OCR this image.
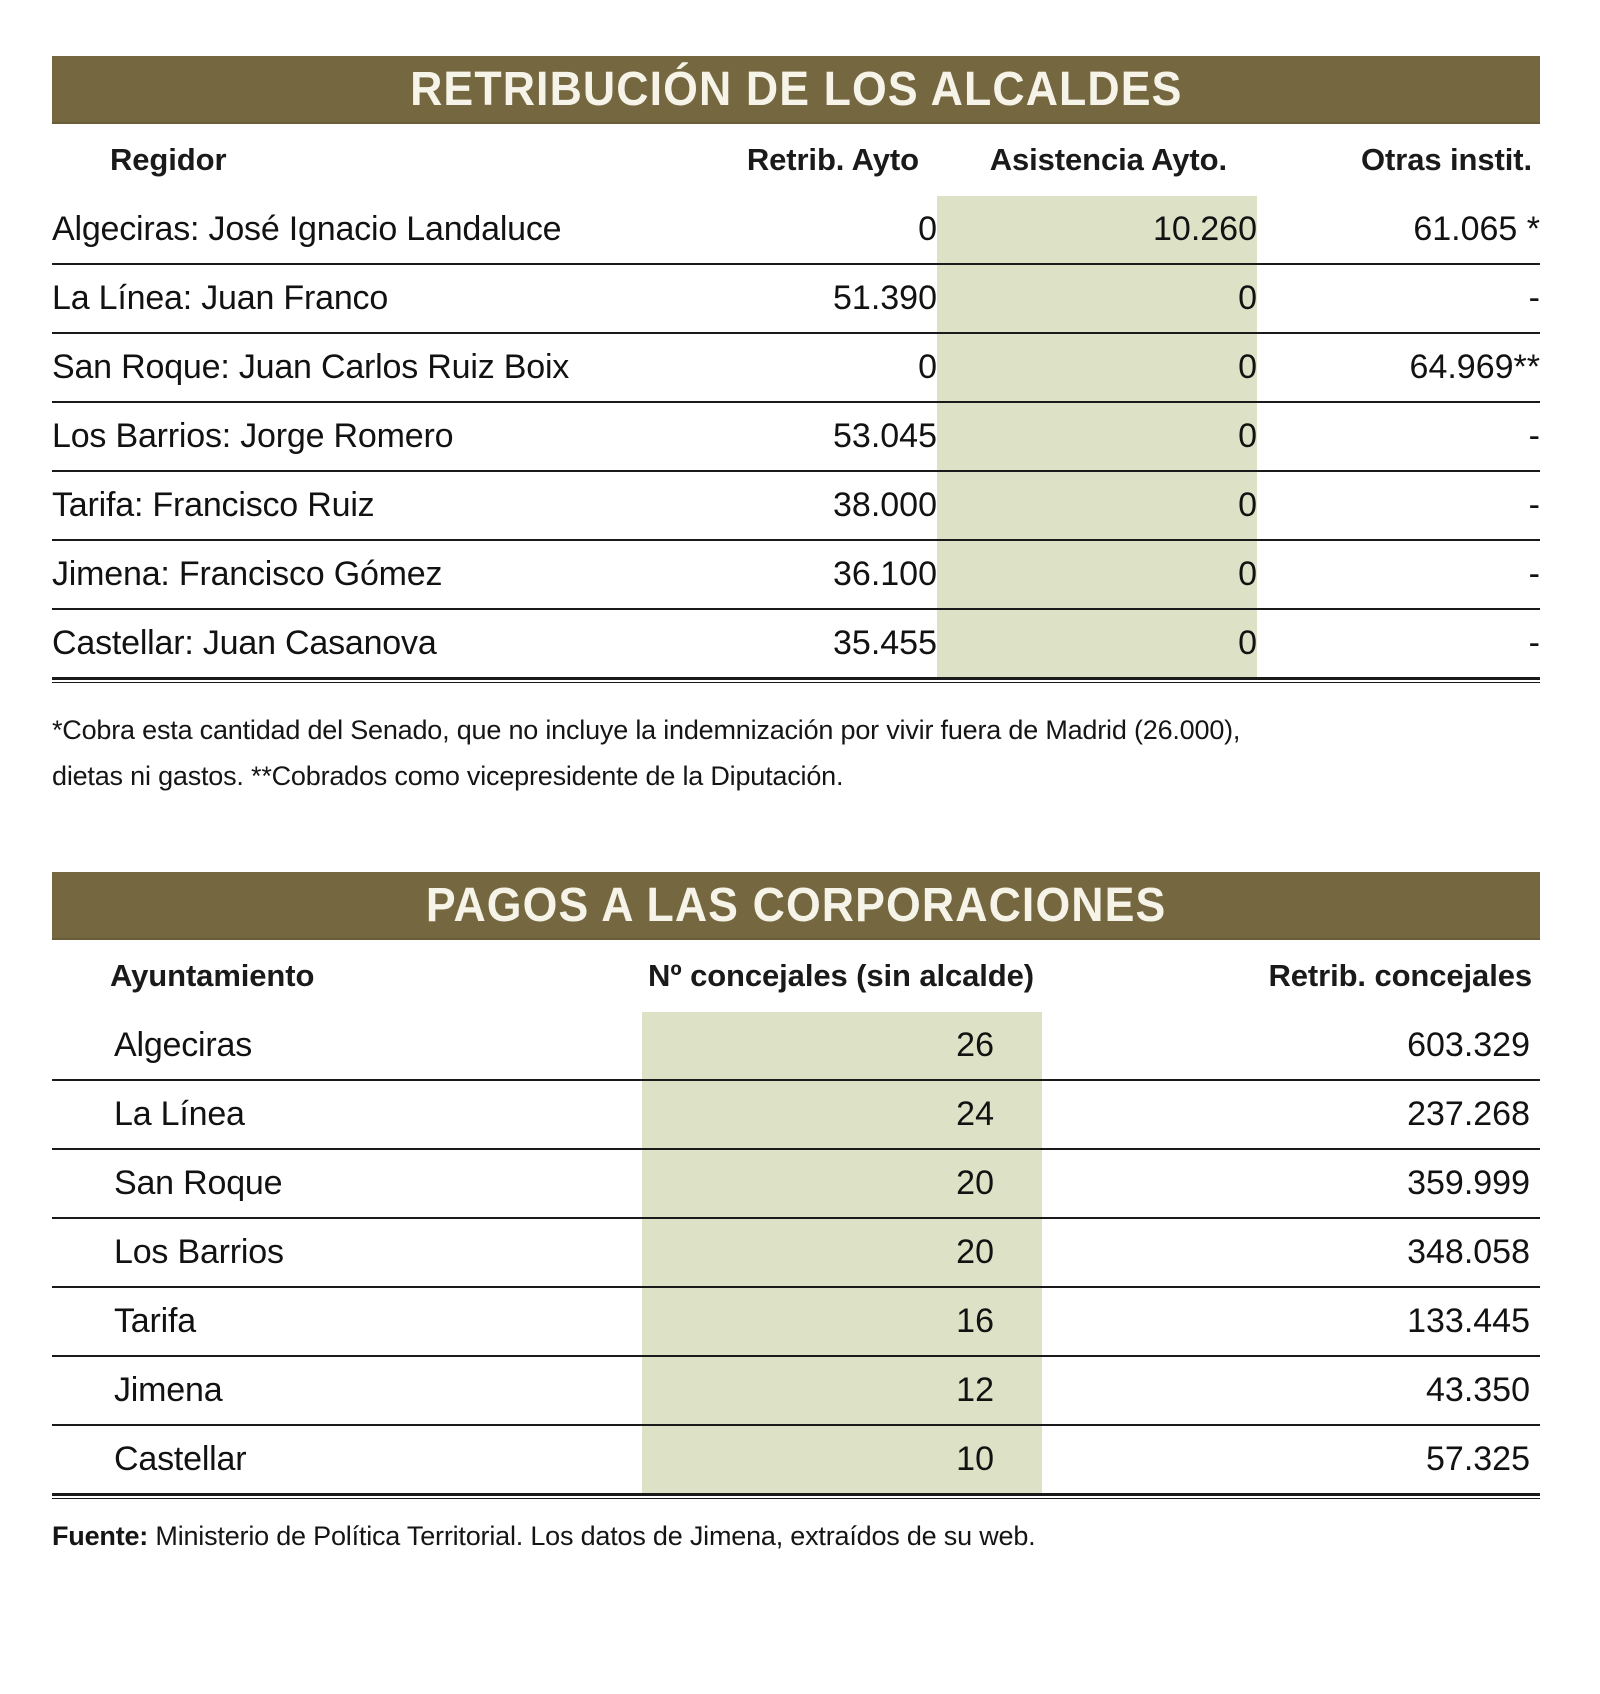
RETRIBUCIÓN DE LOS ALCALDES
Regidor	Retrib. Ayto	Asistencia Ayto.	Otras instit.
Algeciras: José Ignacio Landaluce	0	10.260	61.065 *
La Línea: Juan Franco	51.390	0	-
San Roque: Juan Carlos Ruiz Boix	0	0	64.969**
Los Barrios: Jorge Romero	53.045	0	-
Tarifa: Francisco Ruiz	38.000	0	-
Jimena: Francisco Gómez	36.100	0	-
Castellar: Juan Casanova	35.455	0	-
*Cobra esta cantidad del Senado, que no incluye la indemnización por vivir fuera de Madrid (26.000),
dietas ni gastos. **Cobrados como vicepresidente de la Diputación.
PAGOS A LAS CORPORACIONES
Ayuntamiento	Nº concejales (sin alcalde)	Retrib. concejales
Algeciras	26	603.329
La Línea	24	237.268
San Roque	20	359.999
Los Barrios	20	348.058
Tarifa	16	133.445
Jimena	12	43.350
Castellar	10	57.325
Fuente: Ministerio de Política Territorial. Los datos de Jimena, extraídos de su web.
